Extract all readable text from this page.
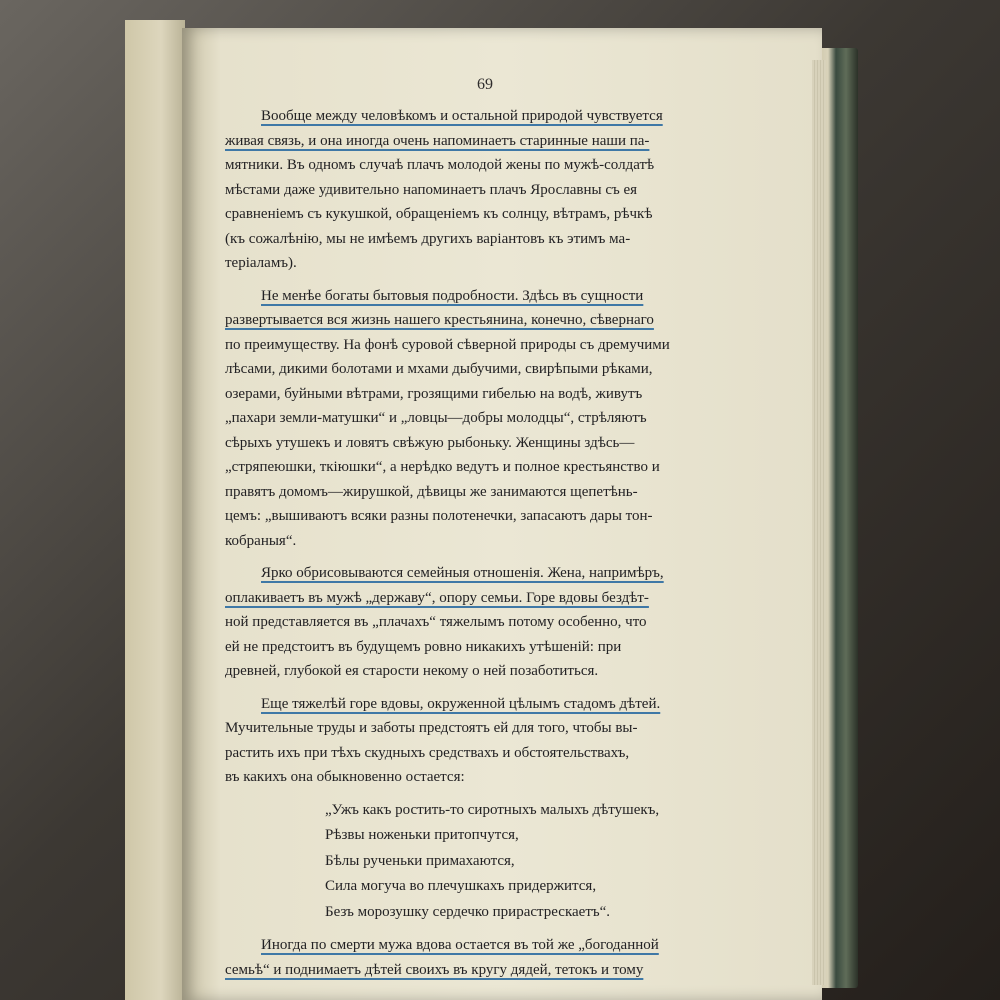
69
Вообще между человѣкомъ и остальной природой чувствуется
живая связь, и она иногда очень напоминаетъ старинные наши па-
мятники. Въ одномъ случаѣ плачъ молодой жены по мужѣ-солдатѣ
мѣстами даже удивительно напоминаетъ плачъ Ярославны съ ея
сравненіемъ съ кукушкой, обращеніемъ къ солнцу, вѣтрамъ, рѣчкѣ
(къ сожалѣнію, мы не имѣемъ другихъ варіантовъ къ этимъ ма-
теріаламъ).
Не менѣе богаты бытовыя подробности. Здѣсь въ сущности
развертывается вся жизнь нашего крестьянина, конечно, сѣвернаго
по преимуществу. На фонѣ суровой сѣверной природы съ дремучими
лѣсами, дикими болотами и мхами дыбучими, свирѣпыми рѣками,
озерами, буйными вѣтрами, грозящими гибелью на водѣ, живутъ
„пахари земли-матушки“ и „ловцы—добры молодцы“, стрѣляютъ
сѣрыхъ утушекъ и ловятъ свѣжую рыбоньку. Женщины здѣсь—
„стряпеюшки, ткіюшки“, а нерѣдко ведутъ и полное крестьянство и
правятъ домомъ—жирушкой, дѣвицы же занимаются щепетѣнь-
цемъ: „вышиваютъ всяки разны полотенечки, запасаютъ дары тон-
кобраныя“.
Ярко обрисовываются семейныя отношенія. Жена, напримѣръ,
оплакиваетъ въ мужѣ „державу“, опору семьи. Горе вдовы бездѣт-
ной представляется въ „плачахъ“ тяжелымъ потому особенно, что
ей не предстоитъ въ будущемъ ровно никакихъ утѣшеній: при
древней, глубокой ея старости некому о ней позаботиться.
Еще тяжелѣй горе вдовы, окруженной цѣлымъ стадомъ дѣтей.
Мучительные труды и заботы предстоятъ ей для того, чтобы вы-
растить ихъ при тѣхъ скудныхъ средствахъ и обстоятельствахъ,
въ какихъ она обыкновенно остается:
„Ужъ какъ ростить-то сиротныхъ малыхъ дѣтушекъ,
Рѣзвы ноженьки притопчутся,
Бѣлы рученьки примахаются,
Сила могуча во плечушкахъ придержится,
Безъ морозушку сердечко прирастрескаетъ“.
Иногда по смерти мужа вдова остается въ той же „богоданной
семьѣ“ и поднимаетъ дѣтей своихъ въ кругу дядей, тетокъ и тому
